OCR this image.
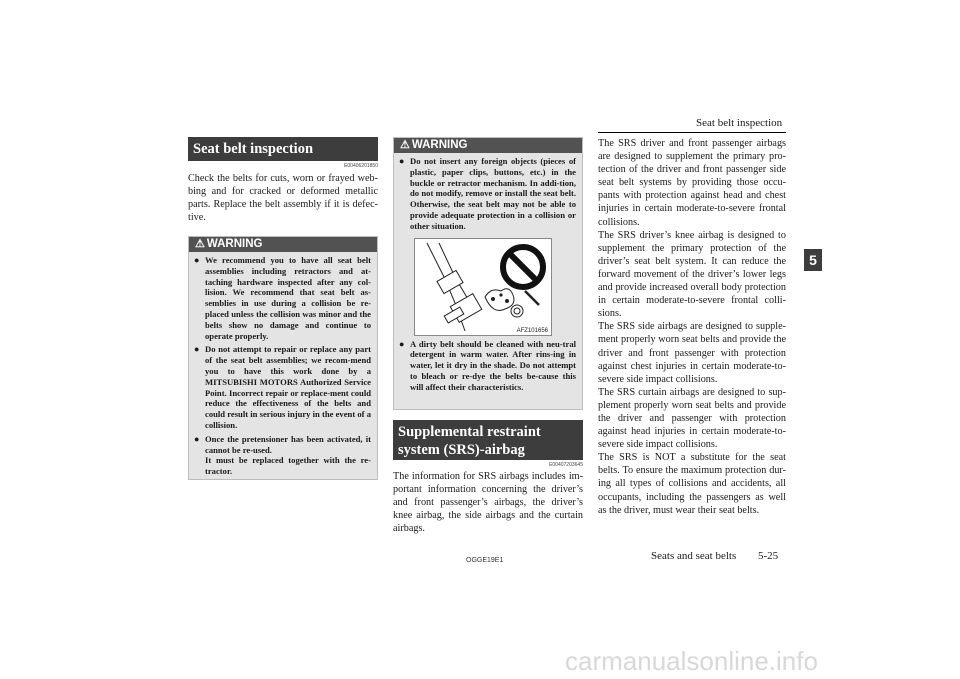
Seat belt inspection
5
Seat belt inspection
E00406201850

Check the belts for cuts, worn or frayed web-bing and for cracked or deformed metallic parts. Replace the belt assembly if it is defec-tive.

⚠ WARNING
● We recommend you to have all seat belt assemblies including retractors and at-taching hardware inspected after any col-lision. We recommend that seat belt as-semblies in use during a collision be re-placed unless the collision was minor and the belts show no damage and continue to operate properly.

● Do not attempt to repair or replace any part of the seat belt assemblies; we recom-mend you to have this work done by a MITSUBISHI MOTORS Authorized Service Point. Incorrect repair or replace-ment could reduce the effectiveness of the belts and could result in serious injury in the event of a collision.

● Once the pretensioner has been activated, it cannot be re-used.

It must be replaced together with the re-tractor.

⚠ WARNING
● Do not insert any foreign objects (pieces of plastic, paper clips, buttons, etc.) in the buckle or retractor mechanism. In addi-tion, do not modify, remove or install the seat belt. Otherwise, the seat belt may not be able to provide adequate protection in a collision or other situation.

AFZ101656
● A dirty belt should be cleaned with neu-tral detergent in warm water. After rins-ing in water, let it dry in the shade. Do not attempt to bleach or re-dye the belts be-cause this will affect their characteristics.

Supplemental restraint
system (SRS)-airbag
E00407203645

The information for SRS airbags includes im-portant information concerning the driver’s and front passenger’s airbags, the driver’s knee airbag, the side airbags and the curtain airbags.

The SRS driver and front passenger airbags are designed to supplement the primary pro-tection of the driver and front passenger side seat belt systems by providing those occu-pants with protection against head and chest injuries in certain moderate-to-severe frontal collisions.

The SRS driver’s knee airbag is designed to supplement the primary protection of the driver’s seat belt system. It can reduce the forward movement of the driver’s lower legs and provide increased overall body protection in certain moderate-to-severe frontal colli-sions.

The SRS side airbags are designed to supple-ment properly worn seat belts and provide the driver and front passenger with protection against chest injuries in certain moderate-to-severe side impact collisions.

The SRS curtain airbags are designed to sup-plement properly worn seat belts and provide the driver and passenger with protection against head injuries in certain moderate-to-severe side impact collisions.

The SRS is NOT a substitute for the seat belts. To ensure the maximum protection dur-ing all types of collisions and accidents, all occupants, including the passengers as well as the driver, must wear their seat belts.

OGGE19E1	Seats and seat belts 5-25
carmanualsonline.info
